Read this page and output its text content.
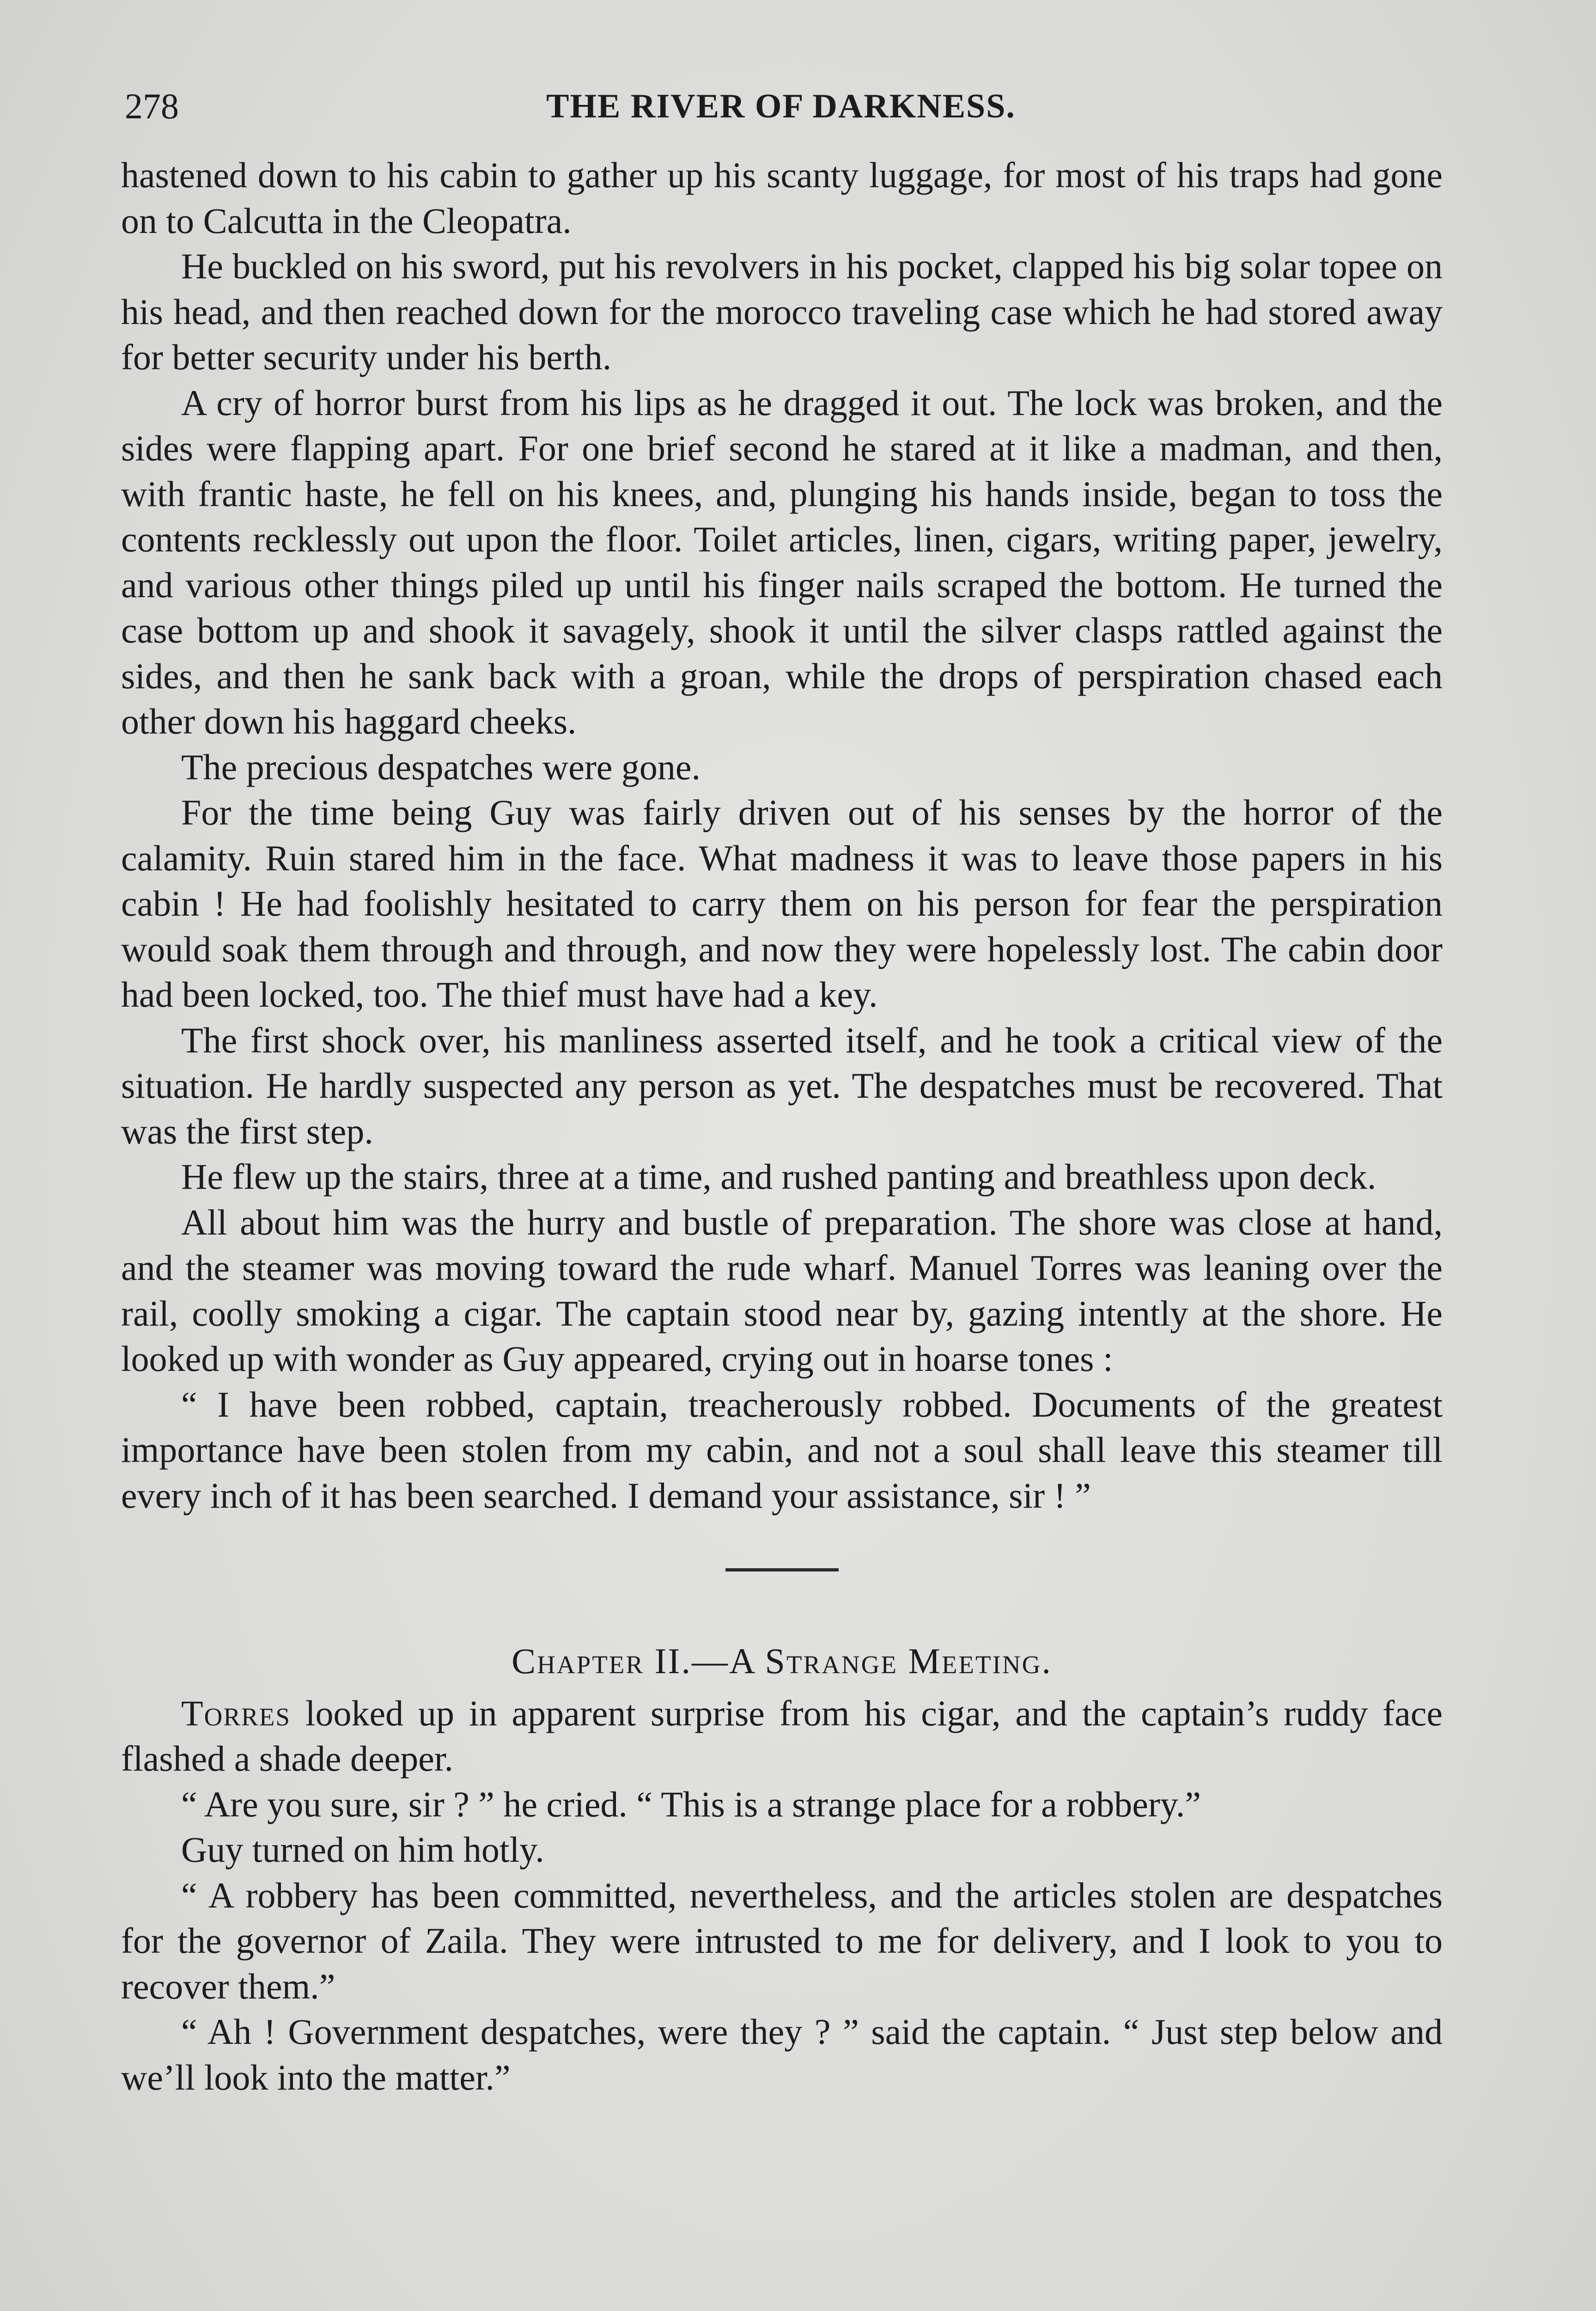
278	THE RIVER OF DARKNESS.

hastened down to his cabin to gather up his scanty luggage, for most of his traps had gone on to Calcutta in the Cleopatra.

He buckled on his sword, put his revolvers in his pocket, clapped his big solar topee on his head, and then reached down for the morocco traveling case which he had stored away for better security under his berth.

A cry of horror burst from his lips as he dragged it out. The lock was broken, and the sides were flapping apart. For one brief second he stared at it like a madman, and then, with frantic haste, he fell on his knees, and, plunging his hands inside, began to toss the contents recklessly out upon the floor. Toilet articles, linen, cigars, writing paper, jewelry, and various other things piled up until his finger nails scraped the bottom. He turned the case bottom up and shook it savagely, shook it until the silver clasps rattled against the sides, and then he sank back with a groan, while the drops of perspiration chased each other down his haggard cheeks.

The precious despatches were gone.

For the time being Guy was fairly driven out of his senses by the horror of the calamity. Ruin stared him in the face. What madness it was to leave those papers in his cabin ! He had foolishly hesitated to carry them on his person for fear the perspiration would soak them through and through, and now they were hopelessly lost. The cabin door had been locked, too. The thief must have had a key.

The first shock over, his manliness asserted itself, and he took a critical view of the situation. He hardly suspected any person as yet. The despatches must be recovered. That was the first step.

He flew up the stairs, three at a time, and rushed panting and breathless upon deck.

All about him was the hurry and bustle of preparation. The shore was close at hand, and the steamer was moving toward the rude wharf. Manuel Torres was leaning over the rail, coolly smoking a cigar. The captain stood near by, gazing intently at the shore. He looked up with wonder as Guy appeared, crying out in hoarse tones :

“ I have been robbed, captain, treacherously robbed. Documents of the greatest importance have been stolen from my cabin, and not a soul shall leave this steamer till every inch of it has been searched. I demand your assistance, sir ! ”

Chapter II.—A Strange Meeting.

Torres looked up in apparent surprise from his cigar, and the captain’s ruddy face flashed a shade deeper.

“ Are you sure, sir ? ” he cried. “ This is a strange place for a robbery.”

Guy turned on him hotly.

“ A robbery has been committed, nevertheless, and the articles stolen are despatches for the governor of Zaila. They were intrusted to me for delivery, and I look to you to recover them.”

“ Ah ! Government despatches, were they ? ” said the captain. “ Just step below and we’ll look into the matter.”
